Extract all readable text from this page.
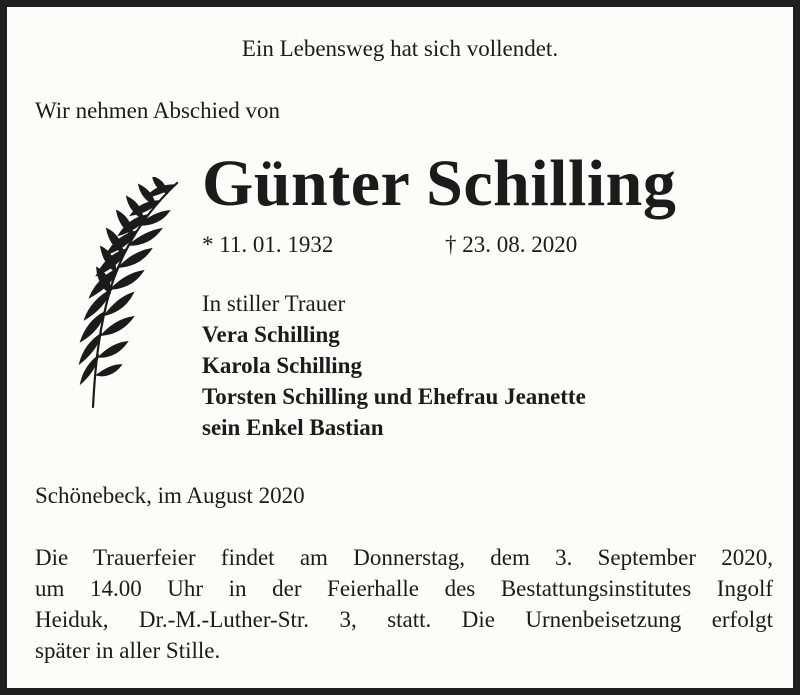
Ein Lebensweg hat sich vollendet.
Wir nehmen Abschied von
Günter Schilling
* 11. 01. 1932	† 23. 08. 2020
In stiller Trauer
Vera Schilling
Karola Schilling
Torsten Schilling und Ehefrau Jeanette
sein Enkel Bastian
Schönebeck, im August 2020
Die Trauerfeier findet am Donnerstag, dem 3. September 2020,
um 14.00 Uhr in der Feierhalle des Bestattungsinstitutes Ingolf
Heiduk, Dr.-M.-Luther-Str. 3, statt. Die Urnenbeisetzung erfolgt
später in aller Stille.
